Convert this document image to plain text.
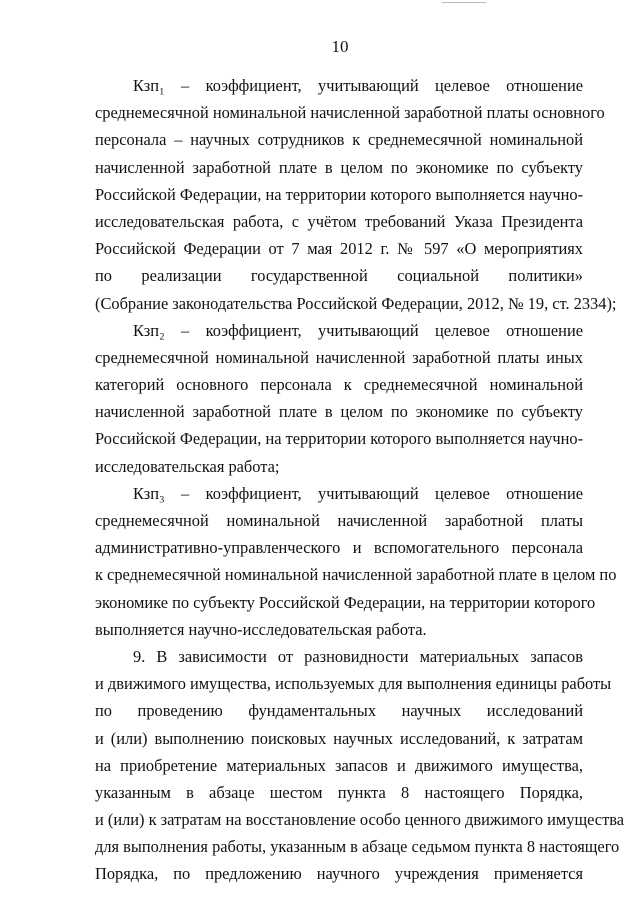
10
Кзп₁ – коэффициент, учитывающий целевое отношение
среднемесячной номинальной начисленной заработной платы основного
персонала – научных сотрудников к среднемесячной номинальной
начисленной заработной плате в целом по экономике по субъекту
Российской Федерации, на территории которого выполняется научно-
исследовательская работа, с учётом требований Указа Президента
Российской Федерации от 7 мая 2012 г. № 597 «О мероприятиях
по реализации государственной социальной политики»
(Собрание законодательства Российской Федерации, 2012, № 19, ст. 2334);
Кзп₂ – коэффициент, учитывающий целевое отношение
среднемесячной номинальной начисленной заработной платы иных
категорий основного персонала к среднемесячной номинальной
начисленной заработной плате в целом по экономике по субъекту
Российской Федерации, на территории которого выполняется научно-
исследовательская работа;
Кзп₃ – коэффициент, учитывающий целевое отношение
среднемесячной номинальной начисленной заработной платы
административно-управленческого и вспомогательного персонала
к среднемесячной номинальной начисленной заработной плате в целом по
экономике по субъекту Российской Федерации, на территории которого
выполняется научно-исследовательская работа.
9. В зависимости от разновидности материальных запасов
и движимого имущества, используемых для выполнения единицы работы
по проведению фундаментальных научных исследований
и (или) выполнению поисковых научных исследований, к затратам
на приобретение материальных запасов и движимого имущества,
указанным в абзаце шестом пункта 8 настоящего Порядка,
и (или) к затратам на восстановление особо ценного движимого имущества
для выполнения работы, указанным в абзаце седьмом пункта 8 настоящего
Порядка, по предложению научного учреждения применяется
